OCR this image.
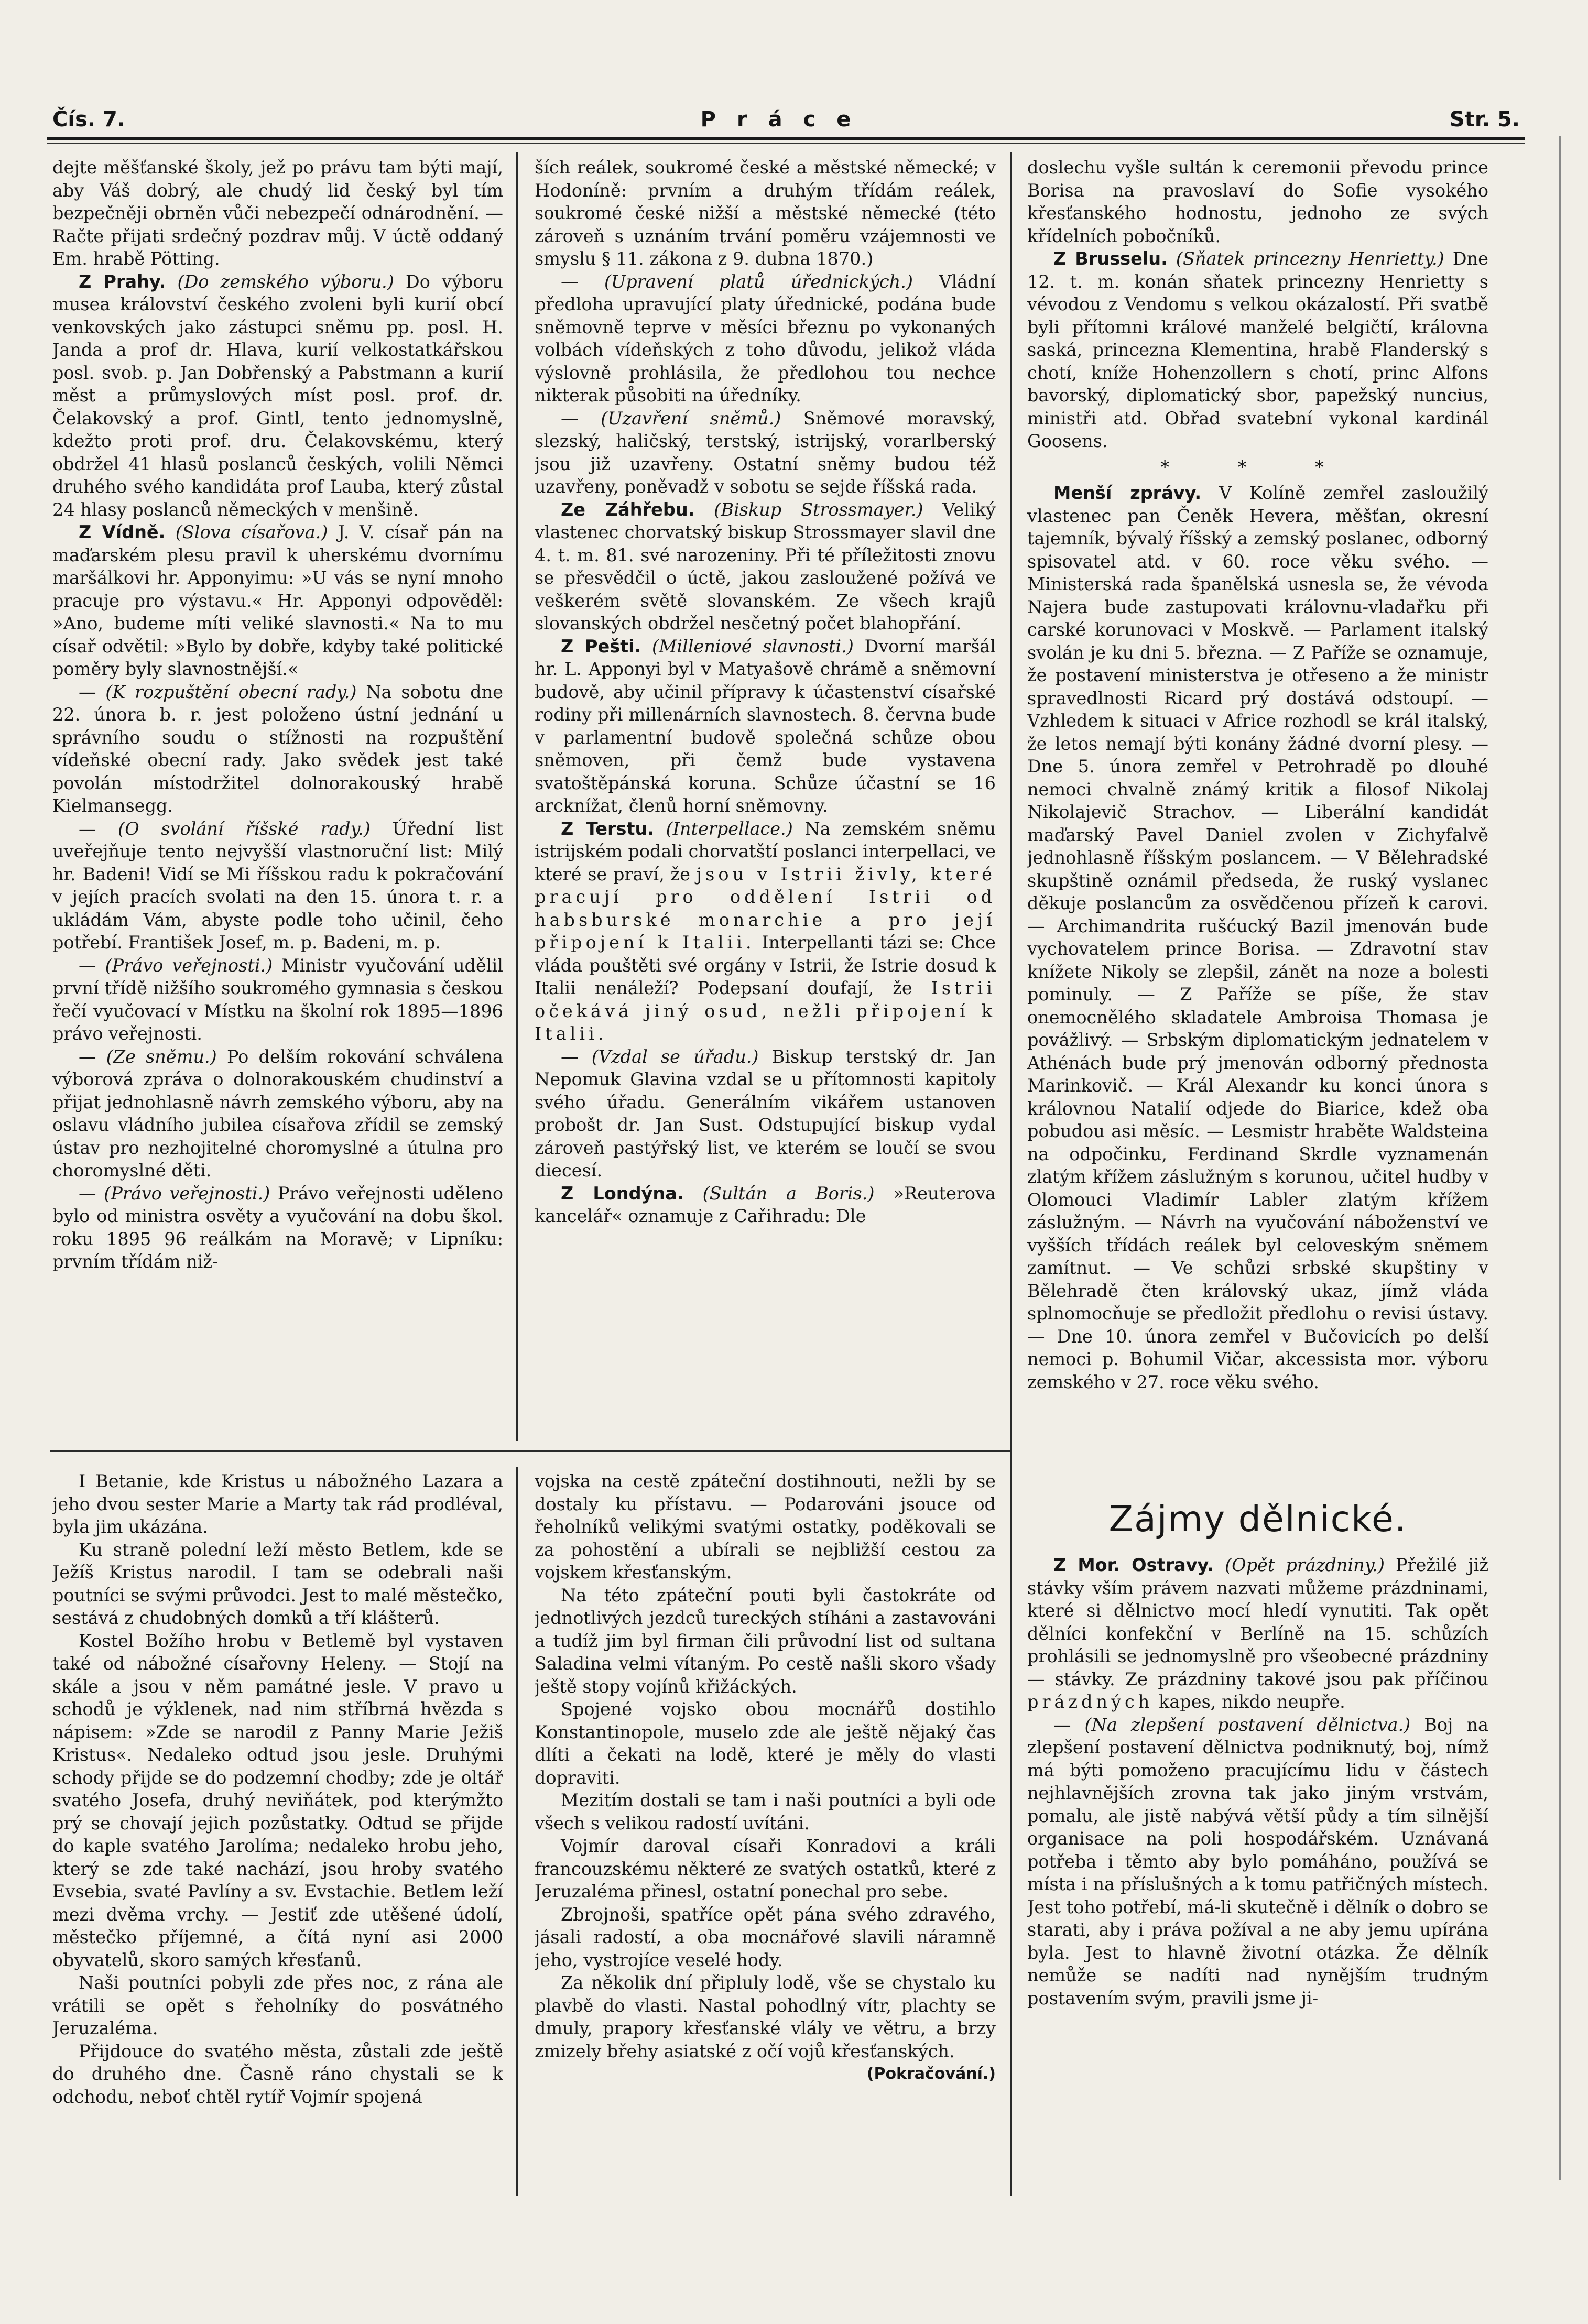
Čís. 7.	Práce	Str. 5.

dejte měšťanské školy, jež po právu tam býti mají, aby Váš dobrý, ale chudý lid český byl tím bezpečněji obrněn vůči nebezpečí odnárodnění. — Račte přijati srdečný pozdrav můj. V úctě oddaný Em. hrabě Pötting.

Z Prahy. (Do zemského výboru.) Do výboru musea království českého zvoleni byli kurií obcí venkovských jako zástupci sněmu pp. posl. H. Janda a prof dr. Hlava, kurií velkostatkářskou posl. svob. p. Jan Dobřenský a Pabstmann a kurií měst a průmyslových míst posl. prof. dr. Čelakovský a prof. Gintl, tento jednomyslně, kdežto proti prof. dru. Čelakovskému, který obdržel 41 hlasů poslanců českých, volili Němci druhého svého kandidáta prof Lauba, který zůstal 24 hlasy poslanců německých v menšině.

Z Vídně. (Slova císařova.) J. V. císař pán na maďarském plesu pravil k uherskému dvornímu maršálkovi hr. Apponyimu: »U vás se nyní mnoho pracuje pro výstavu.« Hr. Apponyi odpověděl: »Ano, budeme míti veliké slavnosti.« Na to mu císař odvětil: »Bylo by dobře, kdyby také politické poměry byly slavnostnější.«

— (K rozpuštění obecní rady.) Na sobotu dne 22. února b. r. jest položeno ústní jednání u správního soudu o stížnosti na rozpuštění vídeňské obecní rady. Jako svědek jest také povolán místodržitel dolnorakouský hrabě Kielmansegg.

— (O svolání říšské rady.) Úřední list uveřejňuje tento nejvyšší vlastnoruční list: Milý hr. Badeni! Vidí se Mi říšskou radu k pokračování v jejích pracích svolati na den 15. února t. r. a ukládám Vám, abyste podle toho učinil, čeho potřebí. František Josef, m. p. Badeni, m. p.

— (Právo veřejnosti.) Ministr vyučování udělil první třídě nižšího soukromého gymnasia s českou řečí vyučovací v Místku na školní rok 1895—1896 právo veřejnosti.

— (Ze sněmu.) Po delším rokování schválena výborová zpráva o dolnorakouském chudinství a přijat jednohlasně návrh zemského výboru, aby na oslavu vládního jubilea císařova zřídil se zemský ústav pro nezhojitelné choromyslné a útulna pro choromyslné děti.

— (Právo veřejnosti.) Právo veřejnosti uděleno bylo od ministra osvěty a vyučování na dobu škol. roku 1895 96 reálkám na Moravě; v Lipníku: prvním třídám niž-

ších reálek, soukromé české a městské německé; v Hodoníně: prvním a druhým třídám reálek, soukromé české nižší a městské německé (této zároveň s uznáním trvání poměru vzájemnosti ve smyslu § 11. zákona z 9. dubna 1870.)

— (Upravení platů úřednických.) Vládní předloha upravující platy úřednické, podána bude sněmovně teprve v měsíci březnu po vykonaných volbách vídeňských z toho důvodu, jelikož vláda výslovně prohlásila, že předlohou tou nechce nikterak působiti na úředníky.

— (Uzavření sněmů.) Sněmové moravský, slezský, haličský, terstský, istrijský, vorarlberský jsou již uzavřeny. Ostatní sněmy budou též uzavřeny, poněvadž v sobotu se sejde říšská rada.

Ze Záhřebu. (Biskup Strossmayer.) Veliký vlastenec chorvatský biskup Strossmayer slavil dne 4. t. m. 81. své narozeniny. Při té příležitosti znovu se přesvědčil o úctě, jakou zasloužené požívá ve veškerém světě slovanském. Ze všech krajů slovanských obdržel nesčetný počet blahopřání.

Z Pešti. (Milleniové slavnosti.) Dvorní maršál hr. L. Apponyi byl v Matyašově chrámě a sněmovní budově, aby učinil přípravy k účastenství císařské rodiny při millenárních slavnostech. 8. června bude v parlamentní budově společná schůze obou sněmoven, při čemž bude vystavena svatoštěpánská koruna. Schůze účastní se 16 arcknížat, členů horní sněmovny.

Z Terstu. (Interpellace.) Na zemském sněmu istrijském podali chorvatští poslanci interpellaci, ve které se praví, že jsou v Istrii živly, které pracují pro oddělení Istrii od habsburské monarchie a pro její připojení k Italii. Interpellanti tázi se: Chce vláda pouštěti své orgány v Istrii, že Istrie dosud k Italii nenáleží? Podepsaní doufají, že Istrii očekává jiný osud, nežli připojení k Italii.

— (Vzdal se úřadu.) Biskup terstský dr. Jan Nepomuk Glavina vzdal se u přítomnosti kapitoly svého úřadu. Generálním vikářem ustanoven probošt dr. Jan Sust. Odstupující biskup vydal zároveň pastýřský list, ve kterém se loučí se svou diecesí.

Z Londýna. (Sultán a Boris.) »Reuterova kancelář« oznamuje z Cařihradu: Dle

doslechu vyšle sultán k ceremonii převodu prince Borisa na pravoslaví do Sofie vysokého křesťanského hodnostu, jednoho ze svých křídelních pobočníků.

Z Brusselu. (Sňatek princezny Henrietty.) Dne 12. t. m. konán sňatek princezny Henrietty s vévodou z Vendomu s velkou okázalostí. Při svatbě byli přítomni králové manželé belgičtí, královna saská, princezna Klementina, hrabě Flanderský s chotí, kníže Hohenzollern s chotí, princ Alfons bavorský, diplomatický sbor, papežský nuncius, ministři atd. Obřad svatební vykonal kardinál Goosens.

* * *

Menší zprávy. V Kolíně zemřel zasloužilý vlastenec pan Čeněk Hevera, měšťan, okresní tajemník, bývalý říšský a zemský poslanec, odborný spisovatel atd. v 60. roce věku svého. — Ministerská rada španělská usnesla se, že vévoda Najera bude zastupovati královnu-vladařku při carské korunovaci v Moskvě. — Parlament italský svolán je ku dni 5. března. — Z Paříže se oznamuje, že postavení ministerstva je otřeseno a že ministr spravedlnosti Ricard prý dostává odstoupí. — Vzhledem k situaci v Africe rozhodl se král italský, že letos nemají býti konány žádné dvorní plesy. — Dne 5. února zemřel v Petrohradě po dlouhé nemoci chvalně známý kritik a filosof Nikolaj Nikolajevič Strachov. — Liberální kandidát maďarský Pavel Daniel zvolen v Zichyfalvě jednohlasně říšským poslancem. — V Bělehradské skupštině oznámil předseda, že ruský vyslanec děkuje poslancům za osvědčenou přízeň k carovi. — Archimandrita rušćucký Bazil jmenován bude vychovatelem prince Borisa. — Zdravotní stav knížete Nikoly se zlepšil, zánět na noze a bolesti pominuly. — Z Paříže se píše, že stav onemocnělého skladatele Ambroisa Thomasa je povážlivý. — Srbským diplomatickým jednatelem v Athénách bude prý jmenován odborný přednosta Marinkovič. — Král Alexandr ku konci února s královnou Natalií odjede do Biarice, kdež oba pobudou asi měsíc. — Lesmistr hraběte Waldsteina na odpočinku, Ferdinand Skrdle vyznamenán zlatým křížem záslužným s korunou, učitel hudby v Olomouci Vladimír Labler zlatým křížem záslužným. — Návrh na vyučování náboženství ve vyšších třídách reálek byl celoveským sněmem zamítnut. — Ve schůzi srbské skupštiny v Bělehradě čten královský ukaz, jímž vláda splnomocňuje se předložit předlohu o revisi ústavy. — Dne 10. února zemřel v Bučovicích po delší nemoci p. Bohumil Vičar, akcessista mor. výboru zemského v 27. roce věku svého.

Zájmy dělnické.

Z Mor. Ostravy. (Opět prázdniny.) Přežilé již stávky vším právem nazvati můžeme prázdninami, které si dělnictvo mocí hledí vynutiti. Tak opět dělníci konfekční v Berlíně na 15. schůzích prohlásili se jednomyslně pro všeobecné prázdniny — stávky. Ze prázdniny takové jsou pak příčinou prázdných kapes, nikdo neupře.

— (Na zlepšení postavení dělnictva.) Boj na zlepšení postavení dělnictva podniknutý, boj, nímž má býti pomoženo pracujícímu lidu v částech nejhlavnějších zrovna tak jako jiným vrstvám, pomalu, ale jistě nabývá větší půdy a tím silnější organisace na poli hospodářském. Uznávaná potřeba i těmto aby bylo pomáháno, používá se místa i na příslušných a k tomu patřičných místech. Jest toho potřebí, má-li skutečně i dělník o dobro se starati, aby i práva požíval a ne aby jemu upírána byla. Jest to hlavně životní otázka. Že dělník nemůže se nadíti nad nynějším trudným postavením svým, pravili jsme ji-

I Betanie, kde Kristus u nábožného Lazara a jeho dvou sester Marie a Marty tak rád prodléval, byla jim ukázána.

Ku straně polední leží město Betlem, kde se Ježíš Kristus narodil. I tam se odebrali naši poutníci se svými průvodci. Jest to malé městečko, sestává z chudobných domků a tří klášterů.

Kostel Božího hrobu v Betlemě byl vystaven také od nábožné císařovny Heleny. — Stojí na skále a jsou v něm památné jesle. V pravo u schodů je výklenek, nad nim stříbrná hvězda s nápisem: »Zde se narodil z Panny Marie Ježiš Kristus«. Nedaleko odtud jsou jesle. Druhými schody přijde se do podzemní chodby; zde je oltář svatého Josefa, druhý neviňátek, pod kterýmžto prý se chovají jejich pozůstatky. Odtud se přijde do kaple svatého Jarolíma; nedaleko hrobu jeho, který se zde také nachází, jsou hroby svatého Evsebia, svaté Pavlíny a sv. Evstachie. Betlem leží mezi dvěma vrchy. — Jestiť zde utěšené údolí, městečko příjemné, a čítá nyní asi 2000 obyvatelů, skoro samých křesťanů.

Naši poutníci pobyli zde přes noc, z rána ale vrátili se opět s řeholníky do posvátného Jeruzaléma.

Přijdouce do svatého města, zůstali zde ještě do druhého dne. Časně ráno chystali se k odchodu, neboť chtěl rytíř Vojmír spojená

vojska na cestě zpáteční dostihnouti, nežli by se dostaly ku přístavu. — Podarováni jsouce od řeholníků velikými svatými ostatky, poděkovali se za pohostění a ubírali se nejbližší cestou za vojskem křesťanským.

Na této zpáteční pouti byli častokráte od jednotlivých jezdců tureckých stíháni a zastavováni a tudíž jim byl firman čili průvodní list od sultana Saladina velmi vítaným. Po cestě našli skoro všady ještě stopy vojínů křižáckých.

Spojené vojsko obou mocnářů dostihlo Konstantinopole, muselo zde ale ještě nějaký čas dlíti a čekati na lodě, které je měly do vlasti dopraviti.

Mezitím dostali se tam i naši poutníci a byli ode všech s velikou radostí uvítáni.

Vojmír daroval císaři Konradovi a králi francouzskému některé ze svatých ostatků, které z Jeruzaléma přinesl, ostatní ponechal pro sebe.

Zbrojnoši, spatříce opět pána svého zdravého, jásali radostí, a oba mocnářové slavili náramně jeho, vystrojíce veselé hody.

Za několik dní připluly lodě, vše se chystalo ku plavbě do vlasti. Nastal pohodlný vítr, plachty se dmuly, prapory křesťanské vlály ve větru, a brzy zmizely břehy asiatské z očí vojů křesťanských.

(Pokračování.)
